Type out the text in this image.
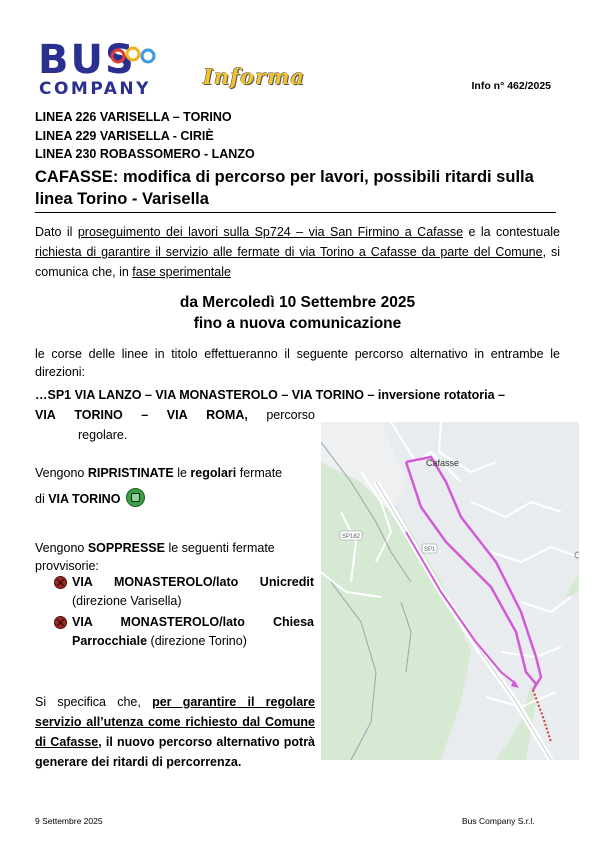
BUS
COMPANY Informa	Info n° 462/2025
LINEA 226 VARISELLA – TORINO
LINEA 229 VARISELLA - CIRIÈ
LINEA 230 ROBASSOMERO - LANZO
CAFASSE: modifica di percorso per lavori, possibili ritardi sulla linea Torino - Varisella
Dato il proseguimento dei lavori sulla Sp724 – via San Firmino a Cafasse e la contestuale richiesta di garantire il servizio alle fermate di via Torino a Cafasse da parte del Comune, si comunica che, in fase sperimentale
da Mercoledì 10 Settembre 2025
fino a nuova comunicazione
le corse delle linee in titolo effettueranno il seguente percorso alternativo in entrambe le direzioni:
…SP1 VIA LANZO – VIA MONASTEROLO – VIA TORINO – inversione rotatoria –
VIA TORINO – VIA ROMA, percorso
regolare.
Vengono RIPRISTINATE le regolari fermate
di VIA TORINO
Vengono SOPPRESSE le seguenti fermate provvisorie:
VIA MONASTEROLO/lato Unicredit
(direzione Varisella)
VIA MONASTEROLO/lato Chiesa Parrocchiale (direzione Torino)
Si specifica che, per garantire il regolare servizio all’utenza come richiesto dal Comune di Cafasse, il nuovo percorso alternativo potrà generare dei ritardi di percorrenza.
Cafasse
SP182
SP1
9 Settembre 2025	Bus Company S.r.l.
